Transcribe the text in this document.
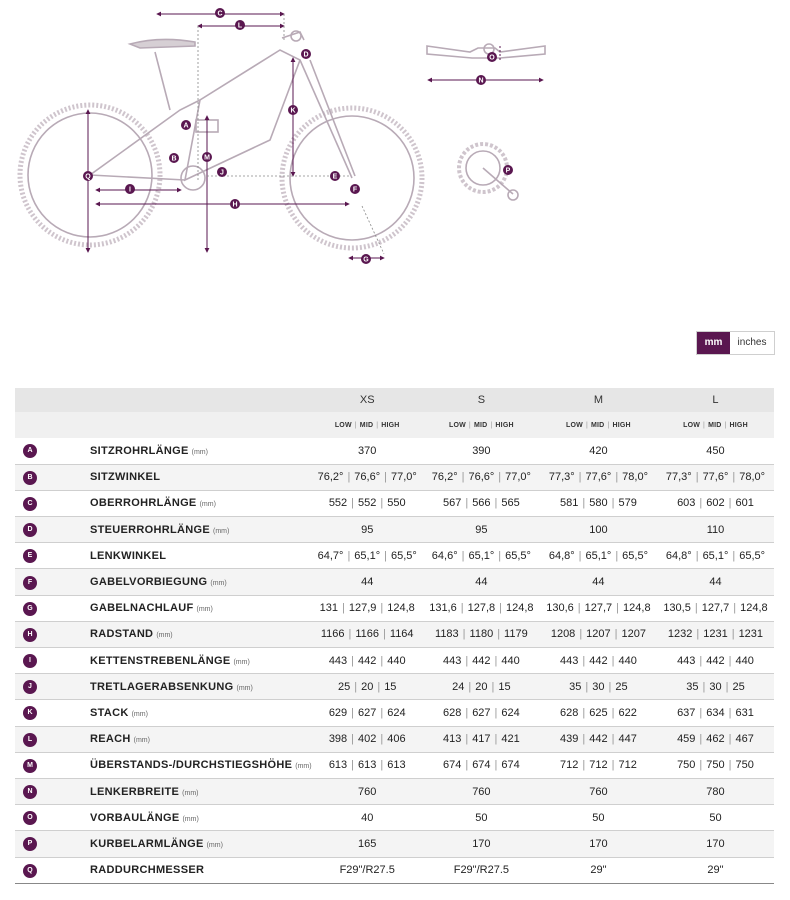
C
L
D
K
A
B	M
J
Q
I
H
E
F
G
O
N
P
mm	inches
		XS	S	M	L
		LOW | MID | HIGH	LOW | MID | HIGH	LOW | MID | HIGH	LOW | MID | HIGH
A	SITZROHRLÄNGE (mm)	370	390	420	450
B	SITZWINKEL	76,2° | 76,6° | 77,0°	76,2° | 76,6° | 77,0°	77,3° | 77,6° | 78,0°	77,3° | 77,6° | 78,0°
C	OBERROHRLÄNGE (mm)	552 | 552 | 550	567 | 566 | 565	581 | 580 | 579	603 | 602 | 601
D	STEUERROHRLÄNGE (mm)	95	95	100	110
E	LENKWINKEL	64,7° | 65,1° | 65,5°	64,6° | 65,1° | 65,5°	64,8° | 65,1° | 65,5°	64,8° | 65,1° | 65,5°
F	GABELVORBIEGUNG (mm)	44	44	44	44
G	GABELNACHLAUF (mm)	131 | 127,9 | 124,8	131,6 | 127,8 | 124,8	130,6 | 127,7 | 124,8	130,5 | 127,7 | 124,8
H	RADSTAND (mm)	1166 | 1166 | 1164	1183 | 1180 | 1179	1208 | 1207 | 1207	1232 | 1231 | 1231
I	KETTENSTREBENLÄNGE (mm)	443 | 442 | 440	443 | 442 | 440	443 | 442 | 440	443 | 442 | 440
J	TRETLAGERABSENKUNG (mm)	25 | 20 | 15	24 | 20 | 15	35 | 30 | 25	35 | 30 | 25
K	STACK (mm)	629 | 627 | 624	628 | 627 | 624	628 | 625 | 622	637 | 634 | 631
L	REACH (mm)	398 | 402 | 406	413 | 417 | 421	439 | 442 | 447	459 | 462 | 467
M	ÜBERSTANDS-/DURCHSTIEGSHÖHE (mm)	613 | 613 | 613	674 | 674 | 674	712 | 712 | 712	750 | 750 | 750
N	LENKERBREITE (mm)	760	760	760	780
O	VORBAULÄNGE (mm)	40	50	50	50
P	KURBELARMLÄNGE (mm)	165	170	170	170
Q	RADDURCHMESSER	F29"/R27.5	F29"/R27.5	29"	29"
